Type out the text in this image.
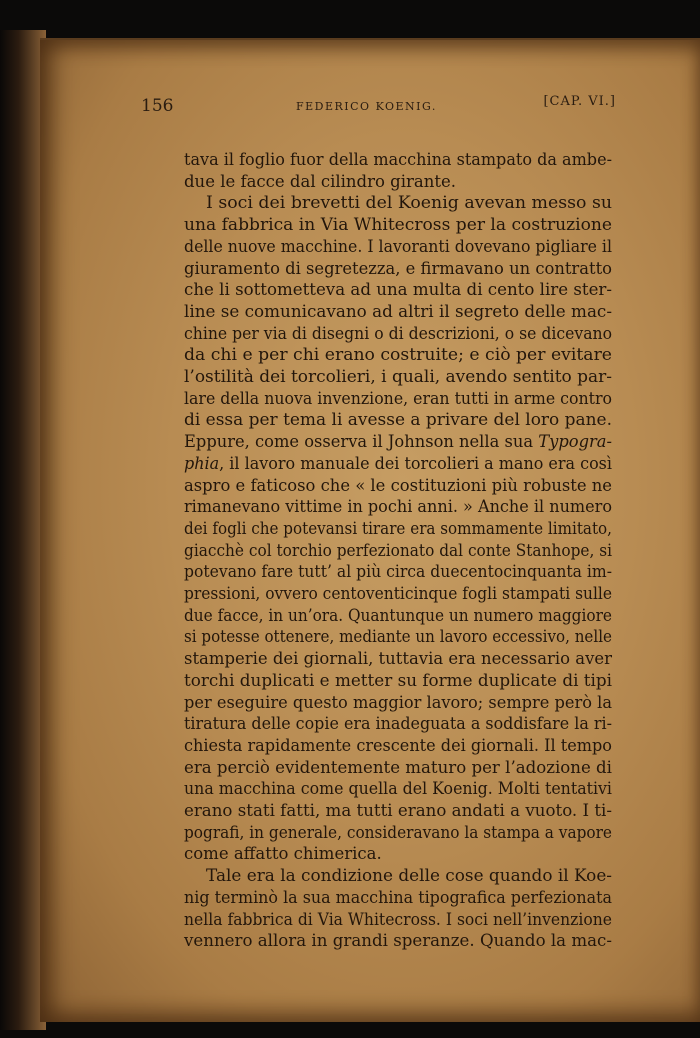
156	FEDERICO KOENIG.	[CAP. VI.]
tava il foglio fuor della macchina stampato da ambe-
due le facce dal cilindro girante.
I soci dei brevetti del Koenig avevan messo su
una fabbrica in Via Whitecross per la costruzione
delle nuove macchine. I lavoranti dovevano pigliare il
giuramento di segretezza, e firmavano un contratto
che li sottometteva ad una multa di cento lire ster-
line se comunicavano ad altri il segreto delle mac-
chine per via di disegni o di descrizioni, o se dicevano
da chi e per chi erano costruite; e ciò per evitare
l’ostilità dei torcolieri, i quali, avendo sentito par-
lare della nuova invenzione, eran tutti in arme contro
di essa per tema li avesse a privare del loro pane.
Eppure, come osserva il Johnson nella sua Typogra-
phia, il lavoro manuale dei torcolieri a mano era così
aspro e faticoso che « le costituzioni più robuste ne
rimanevano vittime in pochi anni. » Anche il numero
dei fogli che potevansi tirare era sommamente limitato,
giacchè col torchio perfezionato dal conte Stanhope, si
potevano fare tutt’ al più circa duecentocinquanta im-
pressioni, ovvero centoventicinque fogli stampati sulle
due facce, in un’ora. Quantunque un numero maggiore
si potesse ottenere, mediante un lavoro eccessivo, nelle
stamperie dei giornali, tuttavia era necessario aver
torchi duplicati e metter su forme duplicate di tipi
per eseguire questo maggior lavoro; sempre però la
tiratura delle copie era inadeguata a soddisfare la ri-
chiesta rapidamente crescente dei giornali. Il tempo
era perciò evidentemente maturo per l’adozione di
una macchina come quella del Koenig. Molti tentativi
erano stati fatti, ma tutti erano andati a vuoto. I ti-
pografi, in generale, consideravano la stampa a vapore
come affatto chimerica.
Tale era la condizione delle cose quando il Koe-
nig terminò la sua macchina tipografica perfezionata
nella fabbrica di Via Whitecross. I soci nell’invenzione
vennero allora in grandi speranze. Quando la mac-
